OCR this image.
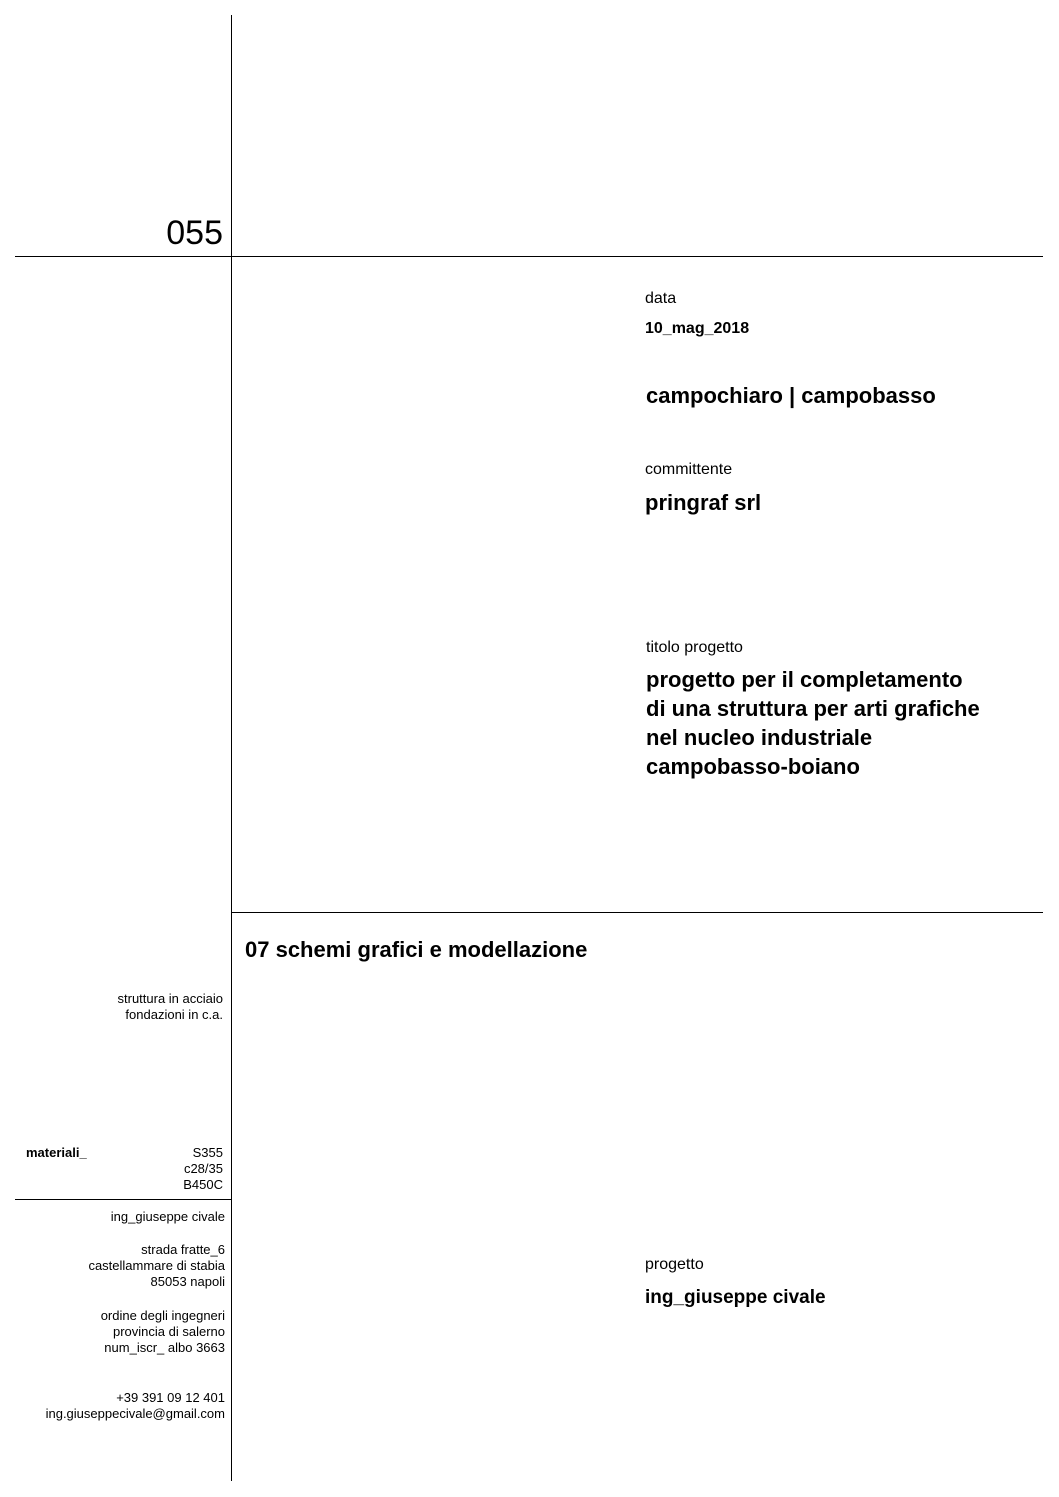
055
data
10_mag_2018
campochiaro | campobasso
committente
pringraf srl
titolo progetto
progetto per il completamento
di una struttura per arti grafiche
nel nucleo industriale
campobasso-boiano
07 schemi grafici e modellazione
struttura in acciaio
fondazioni in c.a.
materiali_	S355
c28/35
B450C
ing_giuseppe civale
strada fratte_6
castellammare di stabia
85053 napoli
ordine degli ingegneri
provincia di salerno
num_iscr_ albo 3663
+39 391 09 12 401
ing.giuseppecivale@gmail.com
progetto
ing_giuseppe civale
